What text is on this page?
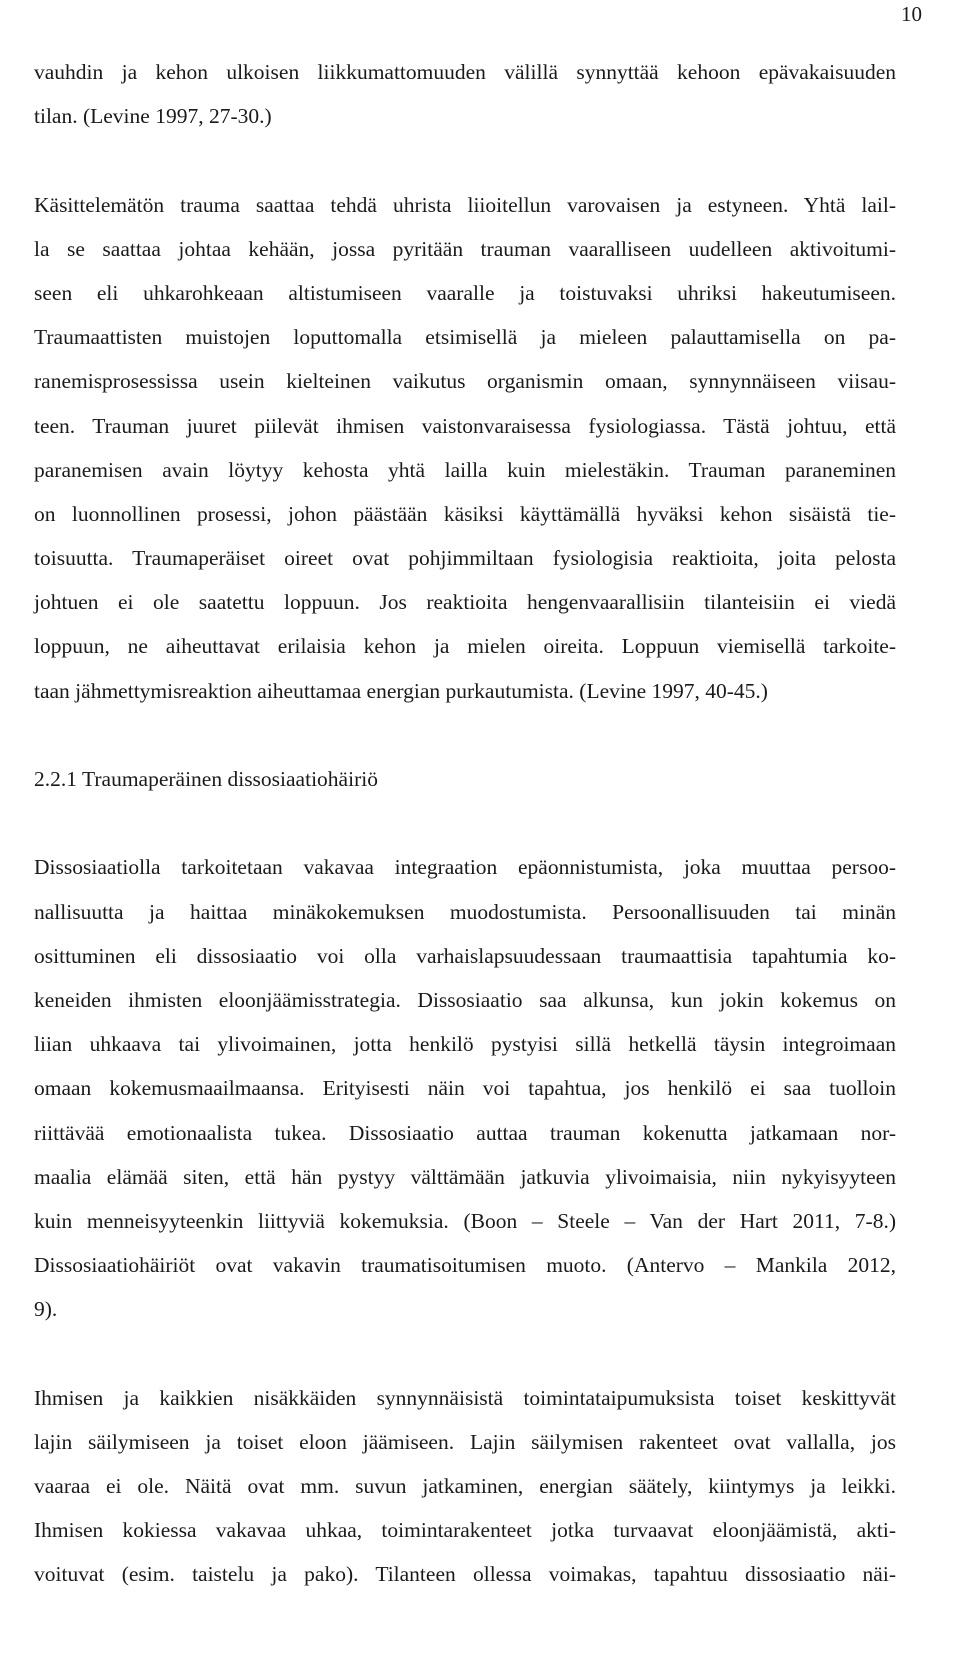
10
vauhdin ja kehon ulkoisen liikkumattomuuden välillä synnyttää kehoon epävakaisuuden
tilan. (Levine 1997, 27-30.)
Käsittelemätön trauma saattaa tehdä uhrista liioitellun varovaisen ja estyneen. Yhtä lail-
la se saattaa johtaa kehään, jossa pyritään trauman vaaralliseen uudelleen aktivoitumi-
seen eli uhkarohkeaan altistumiseen vaaralle ja toistuvaksi uhriksi hakeutumiseen.
Traumaattisten muistojen loputtomalla etsimisellä ja mieleen palauttamisella on pa-
ranemisprosessissa usein kielteinen vaikutus organismin omaan, synnynnäiseen viisau-
teen. Trauman juuret piilevät ihmisen vaistonvaraisessa fysiologiassa. Tästä johtuu, että
paranemisen avain löytyy kehosta yhtä lailla kuin mielestäkin. Trauman paraneminen
on luonnollinen prosessi, johon päästään käsiksi käyttämällä hyväksi kehon sisäistä tie-
toisuutta. Traumaperäiset oireet ovat pohjimmiltaan fysiologisia reaktioita, joita pelosta
johtuen ei ole saatettu loppuun. Jos reaktioita hengenvaarallisiin tilanteisiin ei viedä
loppuun, ne aiheuttavat erilaisia kehon ja mielen oireita. Loppuun viemisellä tarkoite-
taan jähmettymisreaktion aiheuttamaa energian purkautumista. (Levine 1997, 40-45.)
2.2.1 Traumaperäinen dissosiaatiohäiriö
Dissosiaatiolla tarkoitetaan vakavaa integraation epäonnistumista, joka muuttaa persoo-
nallisuutta ja haittaa minäkokemuksen muodostumista. Persoonallisuuden tai minän
osittuminen eli dissosiaatio voi olla varhaislapsuudessaan traumaattisia tapahtumia ko-
keneiden ihmisten eloonjäämisstrategia. Dissosiaatio saa alkunsa, kun jokin kokemus on
liian uhkaava tai ylivoimainen, jotta henkilö pystyisi sillä hetkellä täysin integroimaan
omaan kokemusmaailmaansa. Erityisesti näin voi tapahtua, jos henkilö ei saa tuolloin
riittävää emotionaalista tukea. Dissosiaatio auttaa trauman kokenutta jatkamaan nor-
maalia elämää siten, että hän pystyy välttämään jatkuvia ylivoimaisia, niin nykyisyyteen
kuin menneisyyteenkin liittyviä kokemuksia. (Boon – Steele – Van der Hart 2011, 7-8.)
Dissosiaatiohäiriöt ovat vakavin traumatisoitumisen muoto. (Antervo – Mankila 2012,
9).
Ihmisen ja kaikkien nisäkkäiden synnynnäisistä toimintataipumuksista toiset keskittyvät
lajin säilymiseen ja toiset eloon jäämiseen. Lajin säilymisen rakenteet ovat vallalla, jos
vaaraa ei ole. Näitä ovat mm. suvun jatkaminen, energian säätely, kiintymys ja leikki.
Ihmisen kokiessa vakavaa uhkaa, toimintarakenteet jotka turvaavat eloonjäämistä, akti-
voituvat (esim. taistelu ja pako). Tilanteen ollessa voimakas, tapahtuu dissosiaatio näi-
